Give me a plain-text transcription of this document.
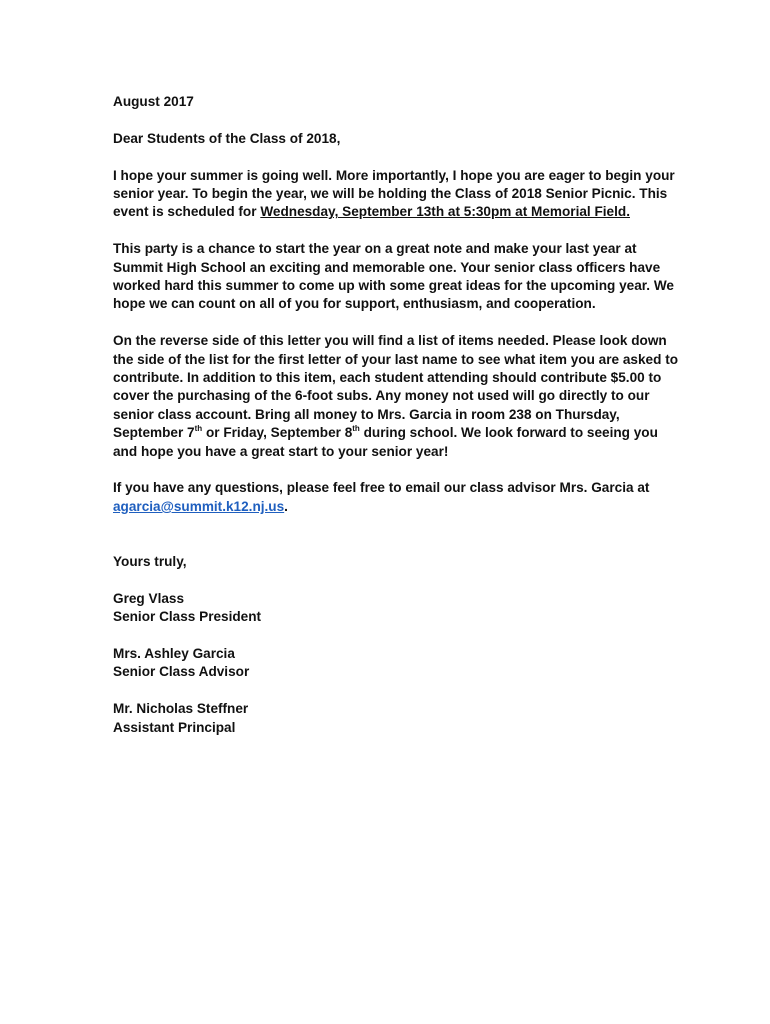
August 2017

Dear Students of the Class of 2018,

I hope your summer is going well. More importantly, I hope you are eager to begin your senior year. To begin the year, we will be holding the Class of 2018 Senior Picnic. This event is scheduled for Wednesday, September 13th at 5:30pm at Memorial Field.

This party is a chance to start the year on a great note and make your last year at Summit High School an exciting and memorable one. Your senior class officers have worked hard this summer to come up with some great ideas for the upcoming year. We hope we can count on all of you for support, enthusiasm, and cooperation.

On the reverse side of this letter you will find a list of items needed. Please look down the side of the list for the first letter of your last name to see what item you are asked to contribute. In addition to this item, each student attending should contribute $5.00 to cover the purchasing of the 6-foot subs. Any money not used will go directly to our senior class account. Bring all money to Mrs. Garcia in room 238 on Thursday, September 7th or Friday, September 8th during school. We look forward to seeing you and hope you have a great start to your senior year!

If you have any questions, please feel free to email our class advisor Mrs. Garcia at agarcia@summit.k12.nj.us.

Yours truly,

Greg Vlass
Senior Class President

Mrs. Ashley Garcia
Senior Class Advisor

Mr. Nicholas Steffner
Assistant Principal
